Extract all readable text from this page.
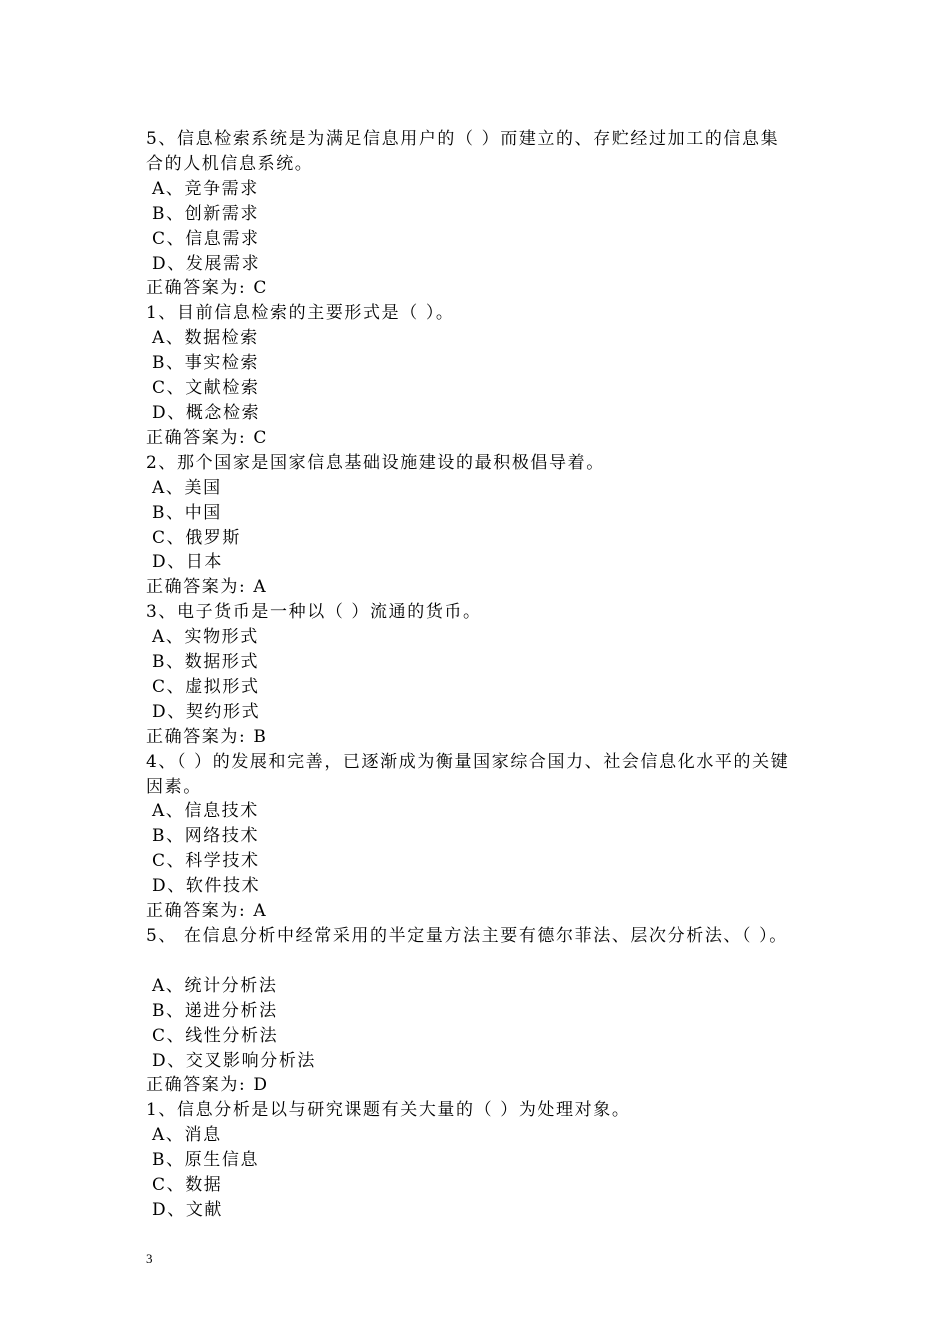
5、信息检索系统是为满足信息用户的（ ）而建立的、存贮经过加工的信息集
合的人机信息系统。
A、竞争需求
B、创新需求
C、信息需求
D、发展需求
正确答案为: C
1、目前信息检索的主要形式是（ ）。
A、数据检索
B、事实检索
C、文献检索
D、概念检索
正确答案为: C
2、那个国家是国家信息基础设施建设的最积极倡导着。
A、美国
B、中国
C、俄罗斯
D、日本
正确答案为: A
3、电子货币是一种以（ ）流通的货币。
A、实物形式
B、数据形式
C、虚拟形式
D、契约形式
正确答案为: B
4、（ ）的发展和完善，已逐渐成为衡量国家综合国力、社会信息化水平的关键
因素。
A、信息技术
B、网络技术
C、科学技术
D、软件技术
正确答案为: A
5、 在信息分析中经常采用的半定量方法主要有德尔菲法、层次分析法、（ ）。
A、统计分析法
B、递进分析法
C、线性分析法
D、交叉影响分析法
正确答案为: D
1、信息分析是以与研究课题有关大量的（ ）为处理对象。
A、消息
B、原生信息
C、数据
D、文献
3
